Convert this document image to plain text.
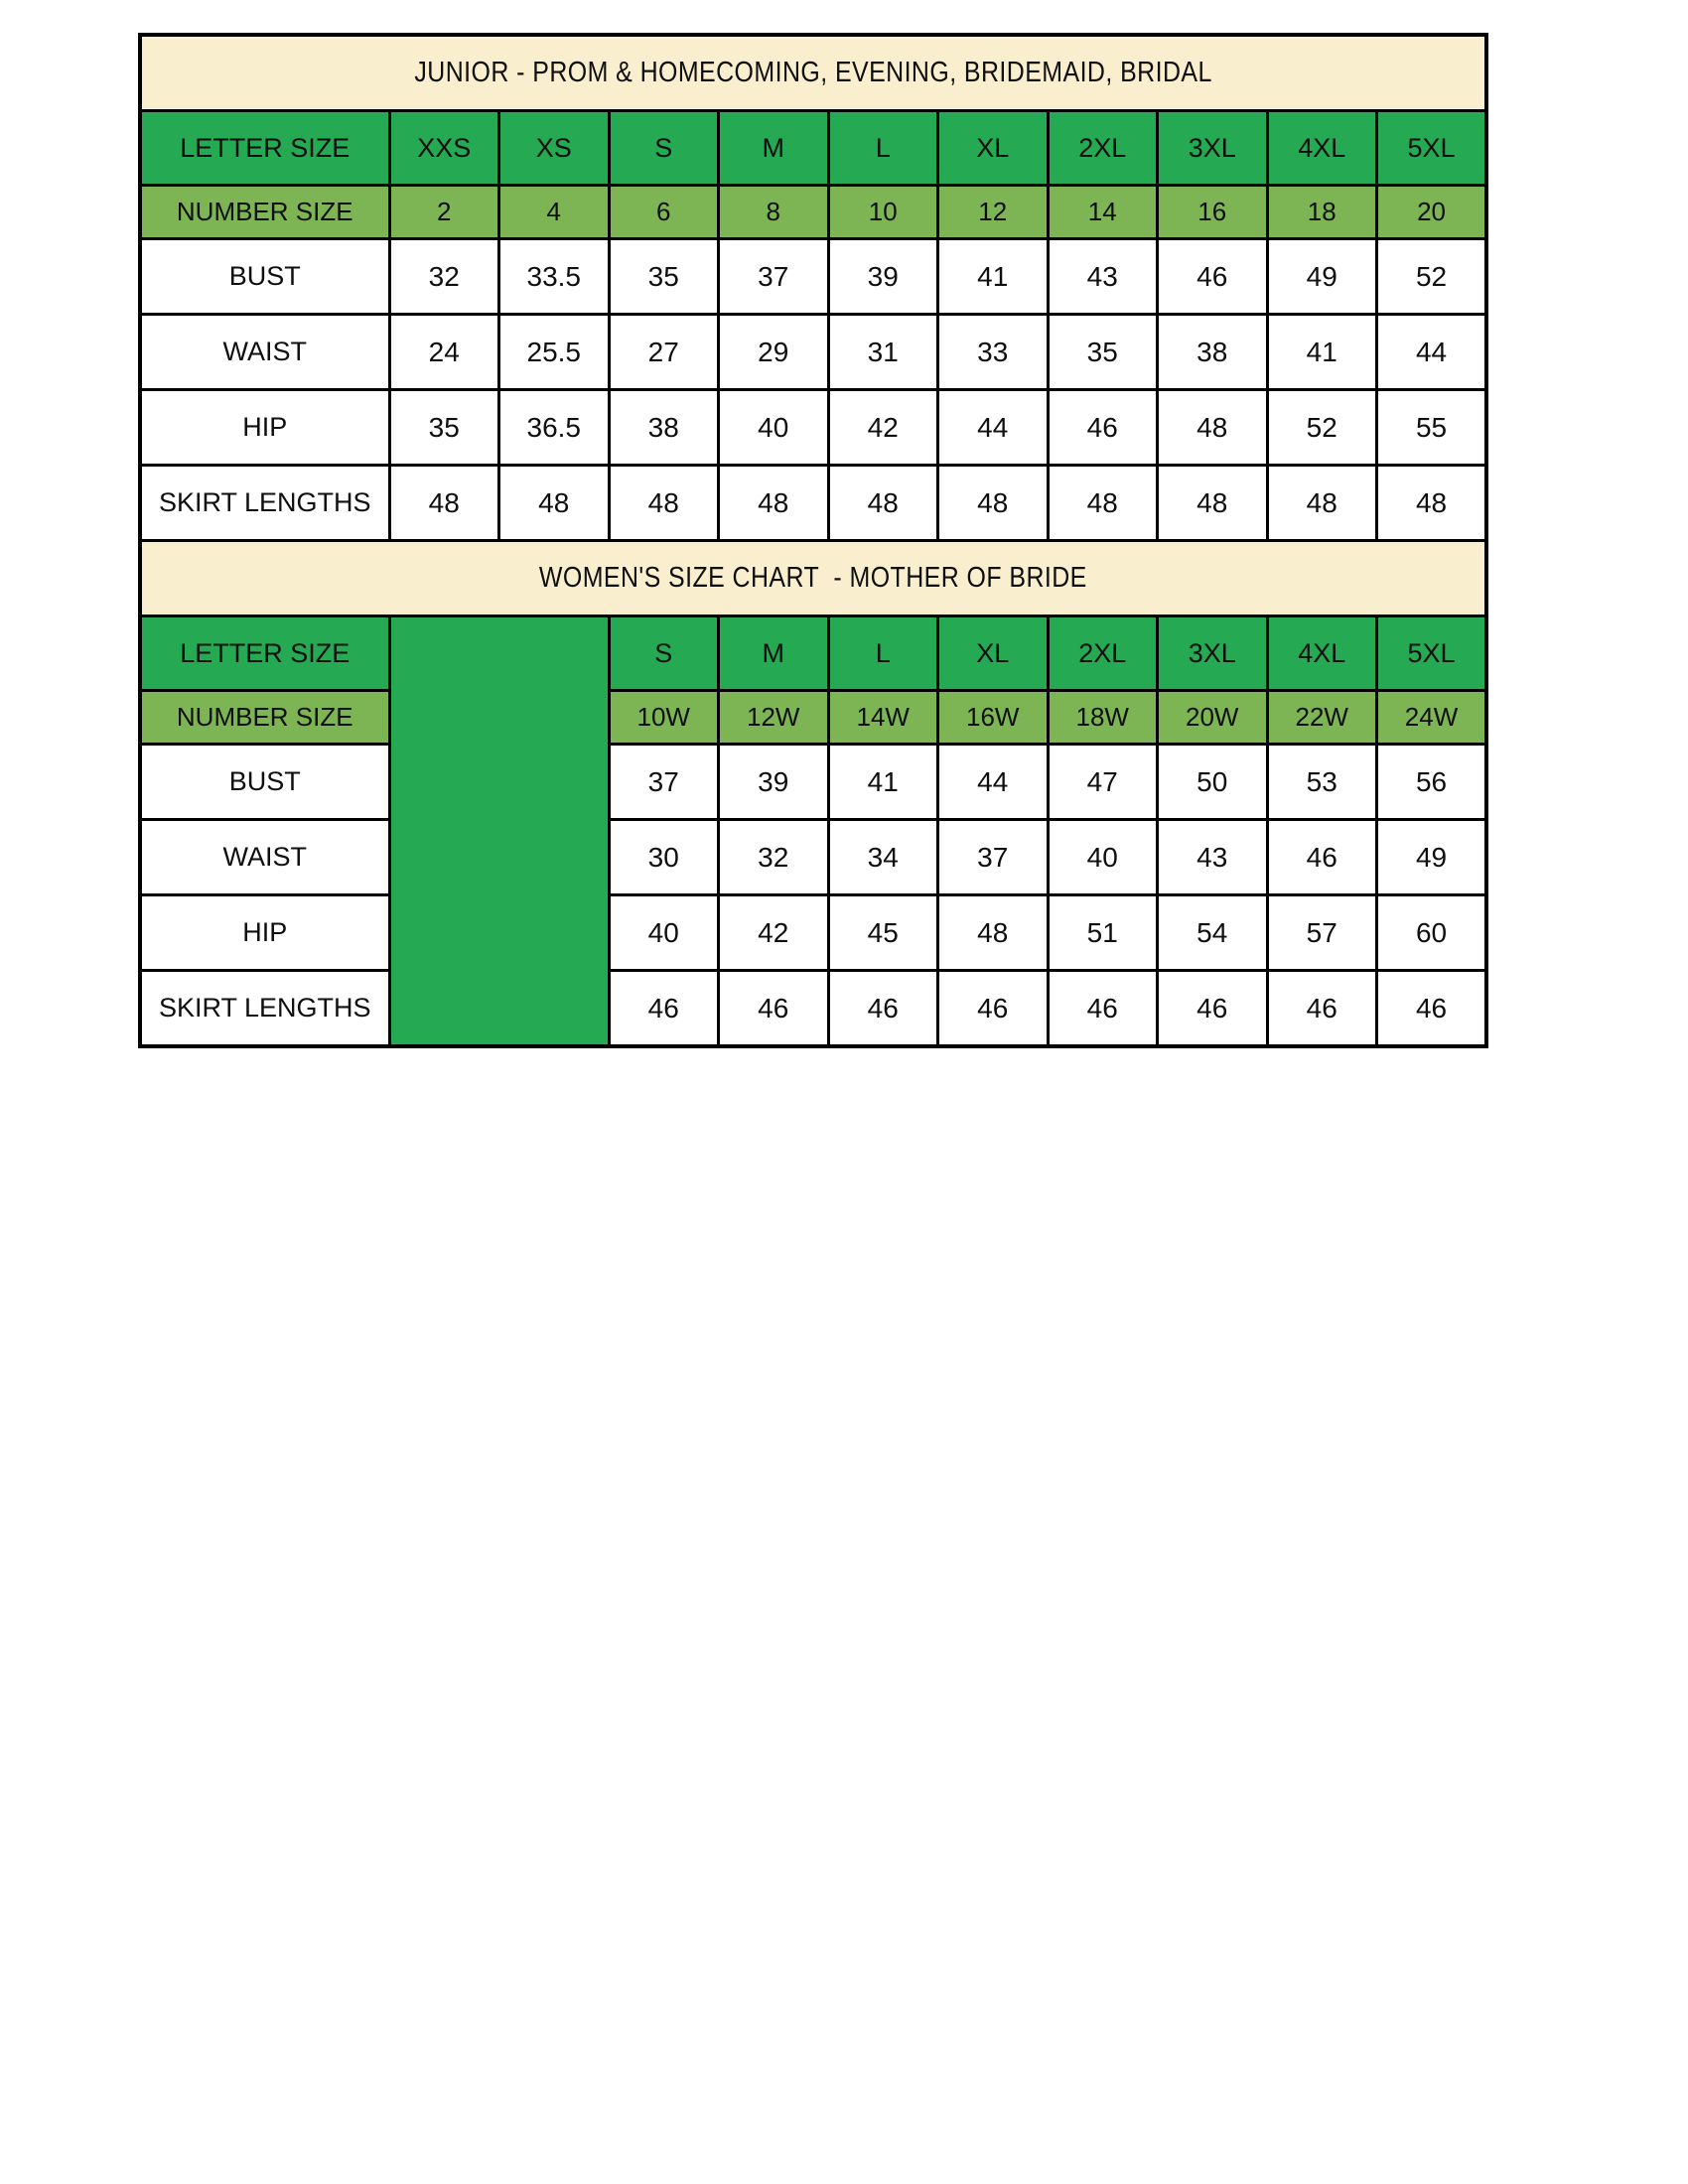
JUNIOR - PROM & HOMECOMING, EVENING, BRIDEMAID, BRIDAL										
LETTER SIZE	XXS	XS	S	M	L	XL	2XL	3XL	4XL	5XL
NUMBER SIZE	2	4	6	8	10	12	14	16	18	20
BUST	32	33.5	35	37	39	41	43	46	49	52
WAIST	24	25.5	27	29	31	33	35	38	41	44
HIP	35	36.5	38	40	42	44	46	48	52	55
SKIRT LENGTHS	48	48	48	48	48	48	48	48	48	48
WOMEN'S SIZE CHART  - MOTHER OF BRIDE										
LETTER SIZE			S	M	L	XL	2XL	3XL	4XL	5XL
NUMBER SIZE			10W	12W	14W	16W	18W	20W	22W	24W
BUST			37	39	41	44	47	50	53	56
WAIST			30	32	34	37	40	43	46	49
HIP			40	42	45	48	51	54	57	60
SKIRT LENGTHS			46	46	46	46	46	46	46	46
